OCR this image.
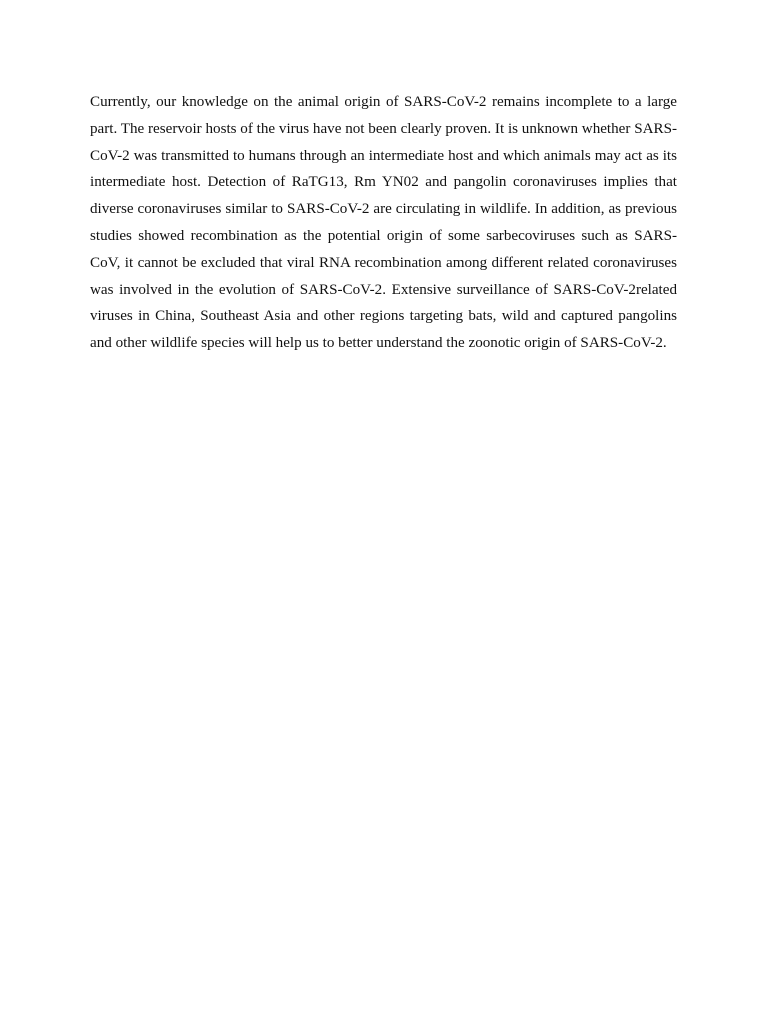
Currently, our knowledge on the animal origin of SARS-CoV-2 remains incomplete to a large part. The reservoir hosts of the virus have not been clearly proven. It is unknown whether SARS-CoV-2 was transmitted to humans through an intermediate host and which animals may act as its intermediate host. Detection of RaTG13, Rm YN02 and pangolin coronaviruses implies that diverse coronaviruses similar to SARS-CoV-2 are circulating in wildlife. In addition, as previous studies showed recombination as the potential origin of some sarbecoviruses such as SARS-CoV, it cannot be excluded that viral RNA recombination among different related coronaviruses was involved in the evolution of SARS-CoV-2. Extensive surveillance of SARS-CoV-2related viruses in China, Southeast Asia and other regions targeting bats, wild and captured pangolins and other wildlife species will help us to better understand the zoonotic origin of SARS-CoV-2.
